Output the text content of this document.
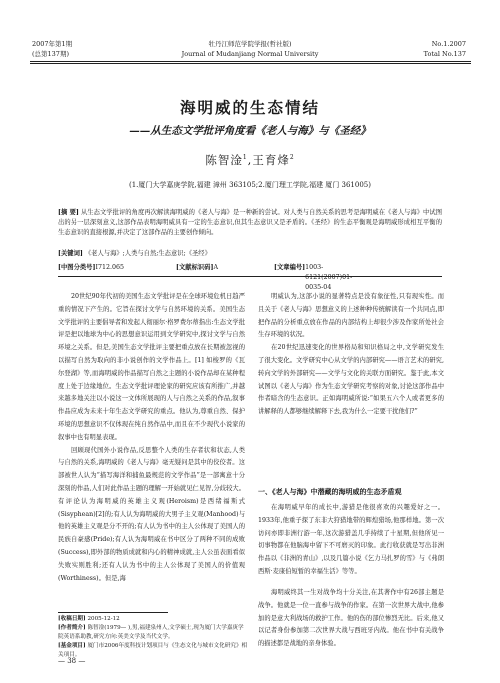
2007年第1期
(总第137期)
牡丹江师范学院学报(哲社版)
Journal of Mudanjiang Normal University
No.1.2007
Total No.137
海明威的生态情结
——从生态文学批评角度看《老人与海》与《圣经》
陈智淦$^1$,王育烽$^2$
(1.厦门大学嘉庚学院,福建 漳州 363105;2.厦门理工学院,福建 厦门 361005)
[摘 要] 从生态文学批评的角度再次解读海明威的《老人与海》是一种新的尝试。对人类与自然关系的思考是海明威在《老人与海》中试图出的另一层深刻意义,这部作品表明海明威具有一定的生态意识,但其生态意识又是矛盾的。《圣经》的生态平衡观是海明威形成相互平衡的生态意识的直接根源,并决定了这部作品的主要创作倾向。
[关键词] 《老人与海》;人类与自然;生态意识;《圣经》
[中图分类号] I712.065	[文献标识码] A	[文章编号] 1003-6121(2007)01-0035-04

20世纪90年代初的美国生态文学批评是在全球环境危机日趋严重的情况下产生的。它旨在探讨文学与自然环境的关系。美国生态文学批评的主要倡导者和发起人彻丽尔·格罗费尔蒂指出:生态文学批评是把以地球为中心的思想意识运用到文学研究中,探讨文学与自然环境之关系。但是,美国生态文学批评主要把重点放在长期被忽视的以描写自然为取向的非小说创作的文学作品上。[1] 如梭罗的《瓦尔登湖》等,而海明威的作品描写自然之主题的小说作品却在某种程度上处于边缘地位。生态文学批评理论家的研究应该有所推广,并越来越多地关注以小说这一文体所展现的人与自然之关系的作品,叙事作品应成为未来十年生态文学研究的重点。他认为,尊重自然、保护环境的思想意识不仅体现在纯自然作品中,而且在不少现代小说家的叙事中也有明显表现。

回顾现代国外小说作品,反思整个人类的生存者状和状态,人类与自然的关系,海明威的《老人与海》毫无疑问是其中的佼佼者。这部被世人认为“描写海洋和捕鱼最规范的文学作品”是一部寓意十分深刻的作品,人们对此作品主题的理解一开始就见仁见智,分歧较大。有评论认为海明威的英雄主义观(Heroism)是西绪福斯式(Sisyphean)[2]的;有人认为海明威的大男子主义观(Manhood)与他的英雄主义观是分不开的;有人认为书中的主人公体现了美国人的民族自豪感(Pride);有人认为海明威在书中区分了两种不同的成败(Success),即外部的物质成就和内心的精神成就,主人公虽表面看似失败实则胜利;还有人认为书中的主人公体现了美国人的价值观(Worthiness)。但是,海

明威认为,这部小说的显著特点是没有象征性,只有现实性。而且关于《老人与海》思想意义的上述种种传统解读有一个共同点,即把作品的分析重点放在作品的内部结构上却很少涉及作家所处社会生存环境的状况。

在20世纪迅速变化的世界格局和知识格局之中,文学研究发生了很大变化。文学研究中心从文学的内部研究——语言艺术的研究,转向文学的外部研究——文学与文化的关联方面研究。鉴于此,本文试图以《老人与海》作为生态文学研究考察的对象,讨论这部作品中作者暗含的生态意识。正如海明威所说:“如果五六个人或者更多的讲解释的人都够继续解释下去,我为什么一定要干扰他们?”

一、《老人与海》中潜藏的海明威的生态矛盾观

在海明威早年的成长中,游猎是他很喜欢的兴趣爱好之一。1933年,他重子探了东非大狩猎地带的辉煌猎场,他那样地。第一次访问亦即非洲行游一年,这次游猎盖几乎持续了十星期,但他所见一切事物都在他脑海中留下不可磨灭的印象。此行收获就是写出非洲作品以《非洲的青山》,以及几篇小说《乞力马扎罗的雪》与《弗朗西斯·麦康伯短暂的幸福生活》等等。

海明威终其一生对战争均十分关注,在其著作中有26部主题是战争。他就是一位一直参与战争的作家。在第一次世界大战中,他参加的是意大利战场的救护工作。他的伤的部位惨烈无比。后来,他又以记者身份参加第二次世界大战与西班牙内战。他在书中有关战争的描述都是战地的亲身体验。

[收稿日期] 2005-12-12
[作者简介] 陈智淦(1979— ),男,福建泉州人,文学硕士,现为厦门大学嘉庚学院英语系助教,研究方向:英美文学及当代文学。
[基金项目] 厦门市2006年度科技计划项目与《生态文化与城市文化研究》相关项目。
— 38 —
